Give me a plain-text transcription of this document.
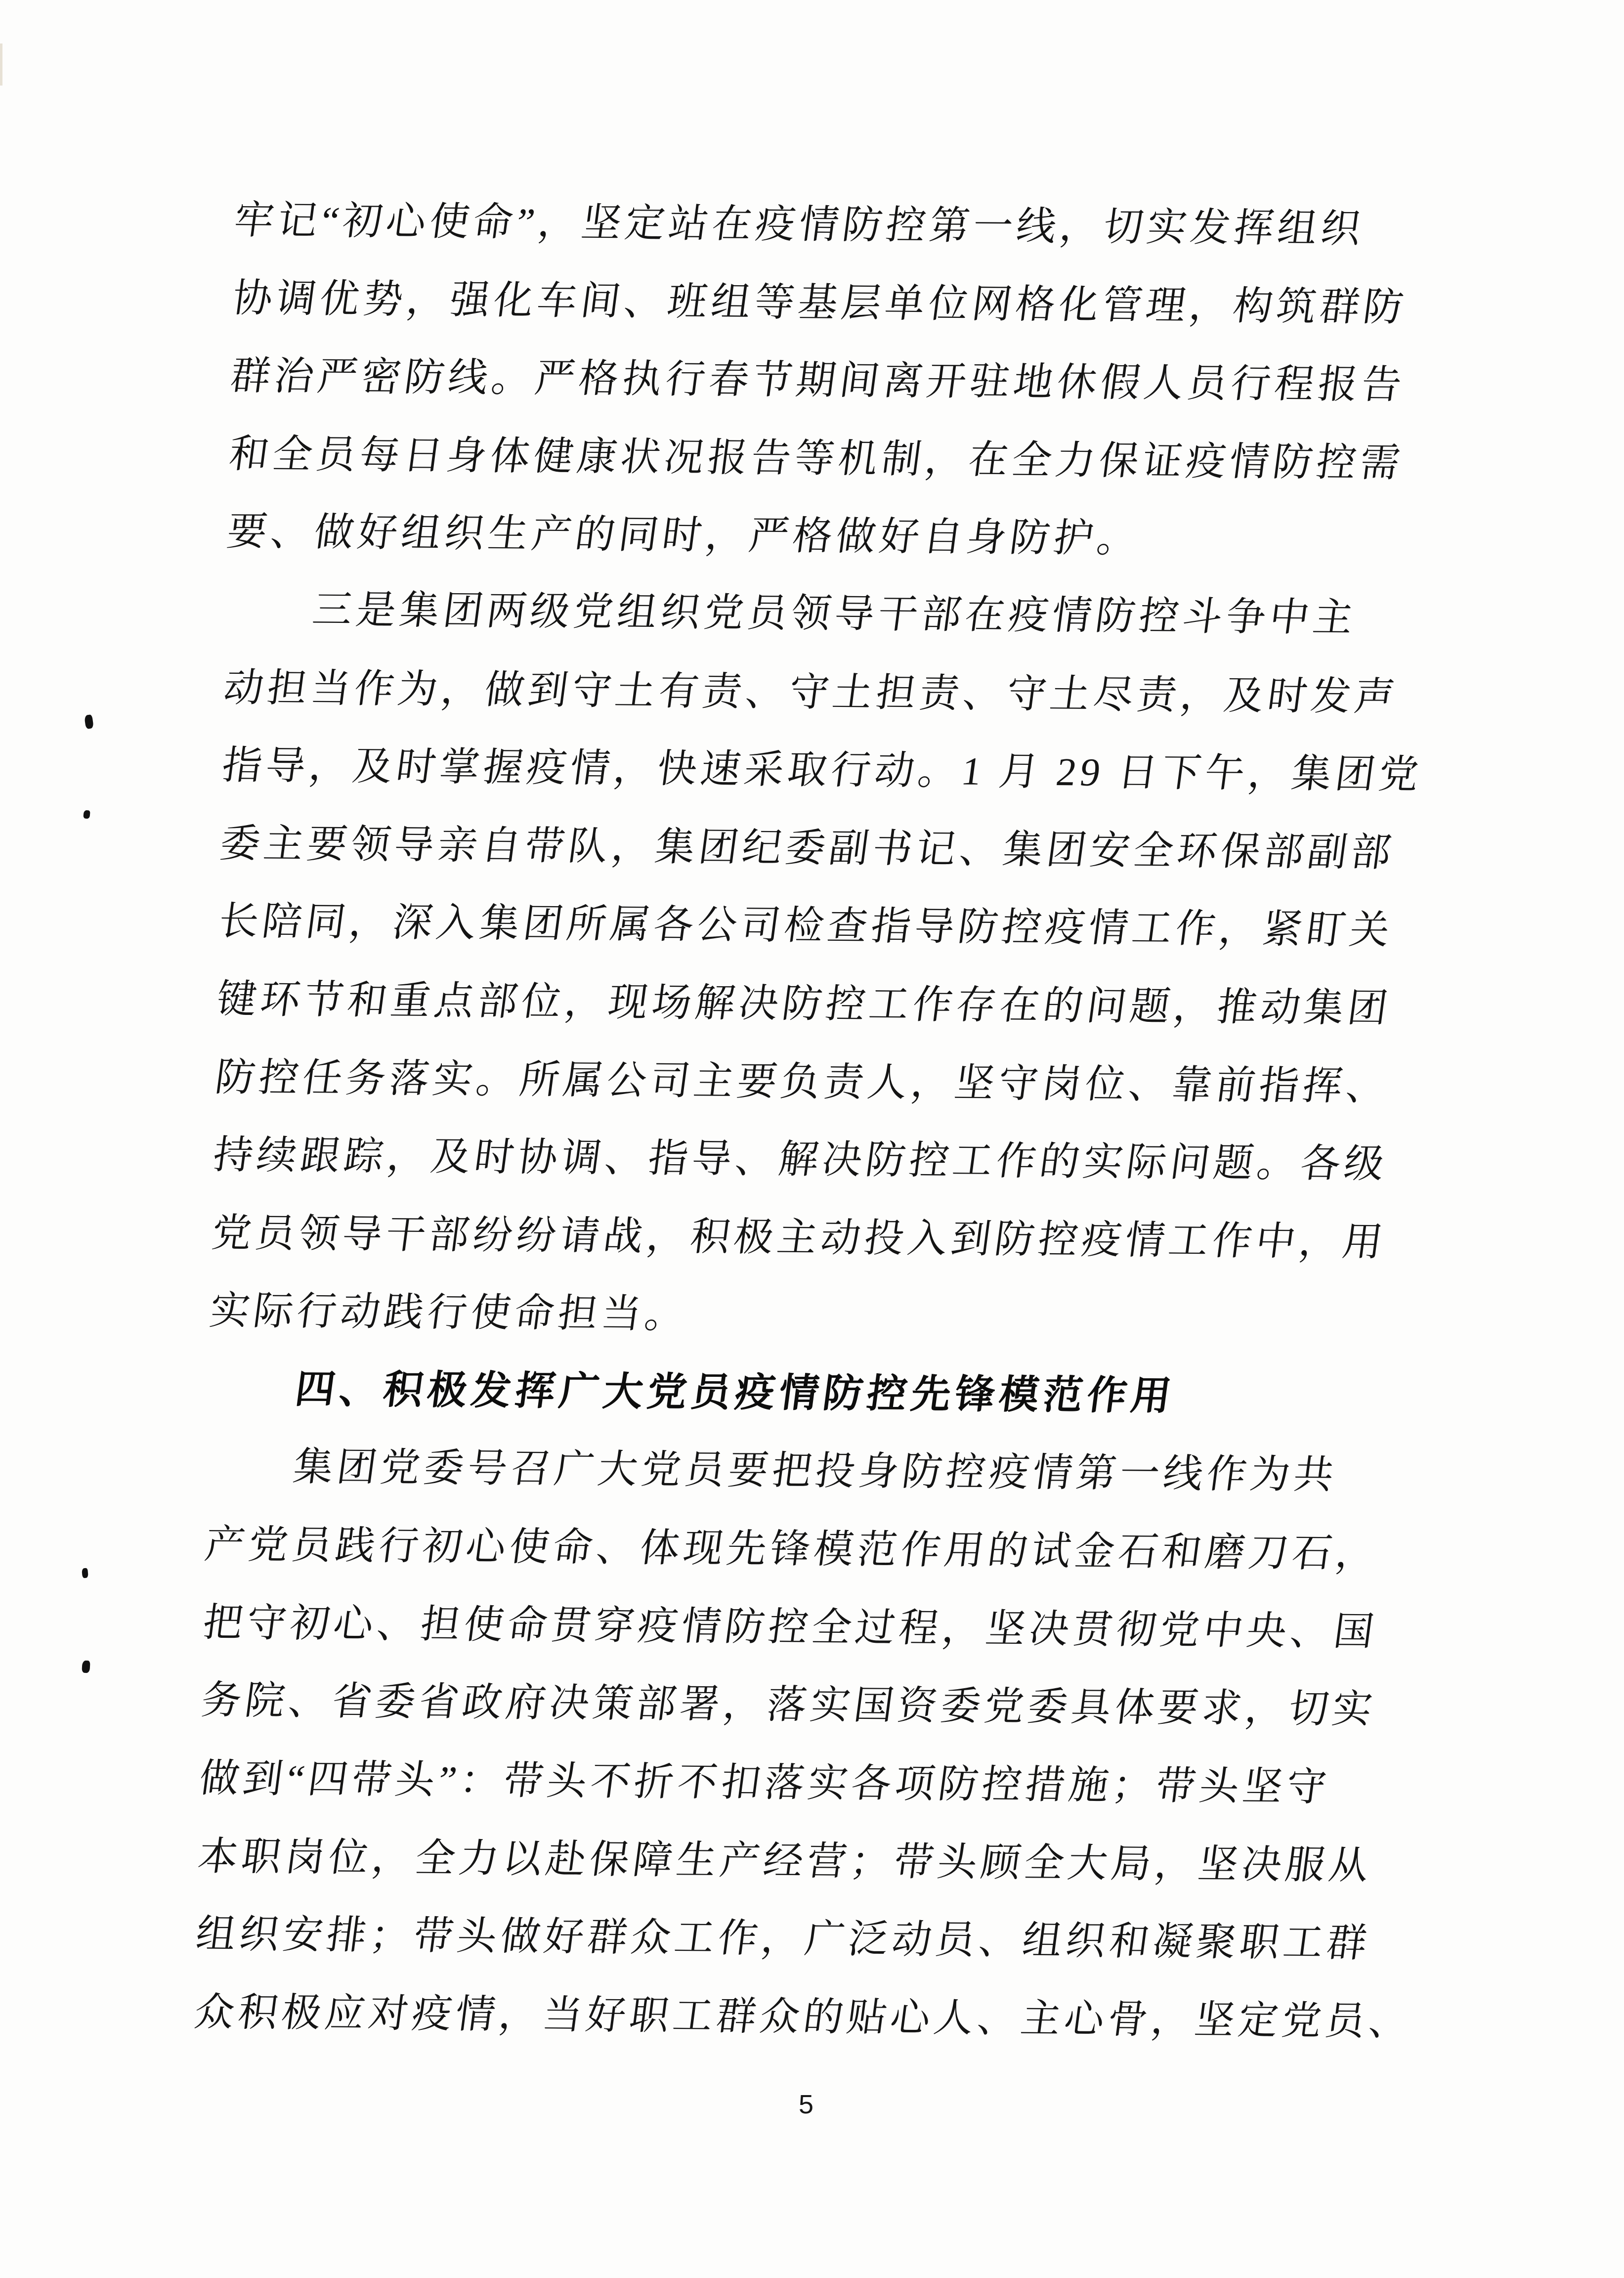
牢记“初心使命”，坚定站在疫情防控第一线，切实发挥组织
协调优势，强化车间、班组等基层单位网格化管理，构筑群防
群治严密防线。严格执行春节期间离开驻地休假人员行程报告
和全员每日身体健康状况报告等机制，在全力保证疫情防控需
要、做好组织生产的同时，严格做好自身防护。
三是集团两级党组织党员领导干部在疫情防控斗争中主
动担当作为，做到守土有责、守土担责、守土尽责，及时发声
指导，及时掌握疫情，快速采取行动。1 月 29 日下午，集团党
委主要领导亲自带队，集团纪委副书记、集团安全环保部副部
长陪同，深入集团所属各公司检查指导防控疫情工作，紧盯关
键环节和重点部位，现场解决防控工作存在的问题，推动集团
防控任务落实。所属公司主要负责人，坚守岗位、靠前指挥、
持续跟踪，及时协调、指导、解决防控工作的实际问题。各级
党员领导干部纷纷请战，积极主动投入到防控疫情工作中，用
实际行动践行使命担当。
四、积极发挥广大党员疫情防控先锋模范作用
集团党委号召广大党员要把投身防控疫情第一线作为共
产党员践行初心使命、体现先锋模范作用的试金石和磨刀石，
把守初心、担使命贯穿疫情防控全过程，坚决贯彻党中央、国
务院、省委省政府决策部署，落实国资委党委具体要求，切实
做到“四带头”：带头不折不扣落实各项防控措施；带头坚守
本职岗位，全力以赴保障生产经营；带头顾全大局，坚决服从
组织安排；带头做好群众工作，广泛动员、组织和凝聚职工群
众积极应对疫情，当好职工群众的贴心人、主心骨，坚定党员、
5
